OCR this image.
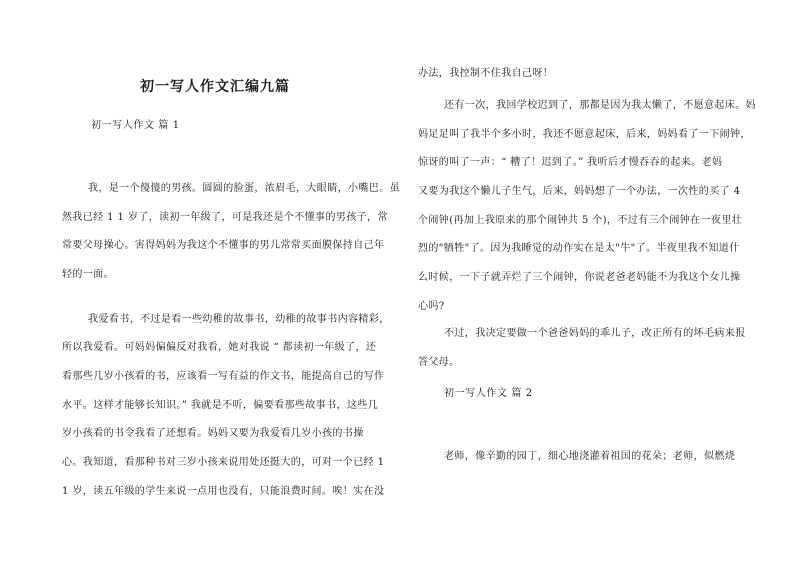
初一写人作文汇编九篇
初一写人作文 篇 1
我，是一个傻傻的男孩。圆圆的脸蛋，浓眉毛，大眼睛，小嘴巴。虽
然我已经 1 1 岁了，读初一年级了，可是我还是个不懂事的男孩子，常
常要父母操心。害得妈妈为我这个不懂事的男儿常常买面膜保持自己年
轻的一面。
我爱看书，不过是看一些幼稚的故事书，幼稚的故事书内容精彩，
所以我爱看。可妈妈偏偏反对我看，她对我说 “ 都读初一年级了，还
看那些几岁小孩看的书，应该看一写有益的作文书，能提高自己的写作
水平。这样才能够长知识。” 我就是不听，偏要看那些故事书，这些几
岁小孩看的书令我看了还想看。妈妈又要为我爱看几岁小孩的书操
心。我知道，看那种书对三岁小孩来说用处还挺大的，可对一个已经 1
1 岁，读五年级的学生来说一点用也没有，只能浪费时间。唉！实在没
办法，我控制不住我自己呀！
还有一次，我回学校迟到了，那都是因为我太懒了，不愿意起床。妈
妈足足叫了我半个多小时，我还不愿意起床，后来，妈妈看了一下闹钟，
惊讶的叫了一声：“ 糟了！迟到了。” 我听后才慢吞吞的起来。老妈
又要为我这个懒儿子生气，后来，妈妈想了一个办法，一次性的买了 4
个闹钟(再加上我原来的那个闹钟共 5 个)，不过有三个闹钟在一夜里壮
烈的"牺牲"了。因为我睡觉的动作实在是太"牛"了。半夜里我不知道什
么时候，一下子就弄烂了三个闹钟，你说老爸老妈能不为我这个女儿操
心吗?
不过，我决定要做一个爸爸妈妈的乖儿子，改正所有的坏毛病来报
答父母。
初一写人作文 篇 2
老师，像辛勤的园丁，细心地浇灌着祖国的花朵；老师，似燃烧
